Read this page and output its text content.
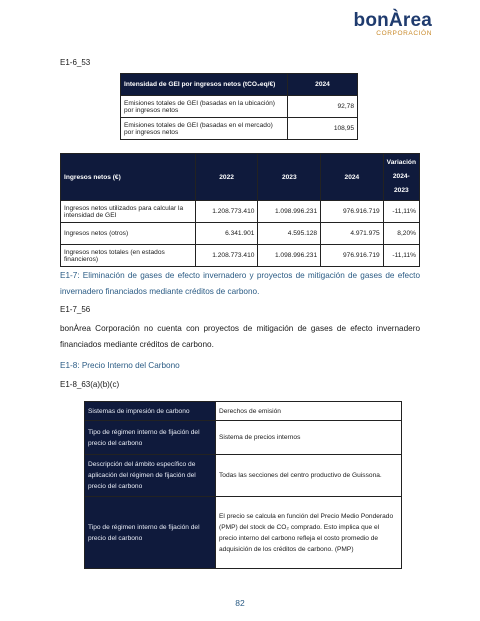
bonÀrea
CORPORACIÓN
E1-6_53
Intensidad de GEI por ingresos netos (tCO₂eq/€)	2024
Emisiones totales de GEI (basadas en la ubicación) por ingresos netos	92,78
Emisiones totales de GEI (basadas en el mercado) por ingresos netos	108,95
Ingresos netos (€)	2022	2023	2024	Variación
2024-2023

Ingresos netos utilizados para calcular la intensidad de GEI	1.208.773.410	1.098.996.231	976.916.719	-11,11%
Ingresos netos (otros)	6.341.901	4.595.128	4.971.975	8,20%
Ingresos netos totales (en estados financieros)	1.208.773.410	1.098.996.231	976.916.719	-11,11%
E1-7: Eliminación de gases de efecto invernadero y proyectos de mitigación de gases de efecto invernadero financiados mediante créditos de carbono.
E1-7_56
bonÀrea Corporación no cuenta con proyectos de mitigación de gases de efecto invernadero financiados mediante créditos de carbono.
E1-8: Precio Interno del Carbono
E1-8_63(a)(b)(c)
Sistemas de impresión de carbono	Derechos de emisión
Tipo de régimen interno de fijación del precio del carbono	Sistema de precios internos
Descripción del ámbito específico de aplicación del régimen de fijación del precio del carbono	Todas las secciones del centro productivo de Guissona.
Tipo de régimen interno de fijación del precio del carbono	El precio se calcula en función del Precio Medio Ponderado (PMP) del stock de CO₂ comprado. Esto implica que el precio interno del carbono refleja el costo promedio de adquisición de los créditos de carbono. (PMP)
82
